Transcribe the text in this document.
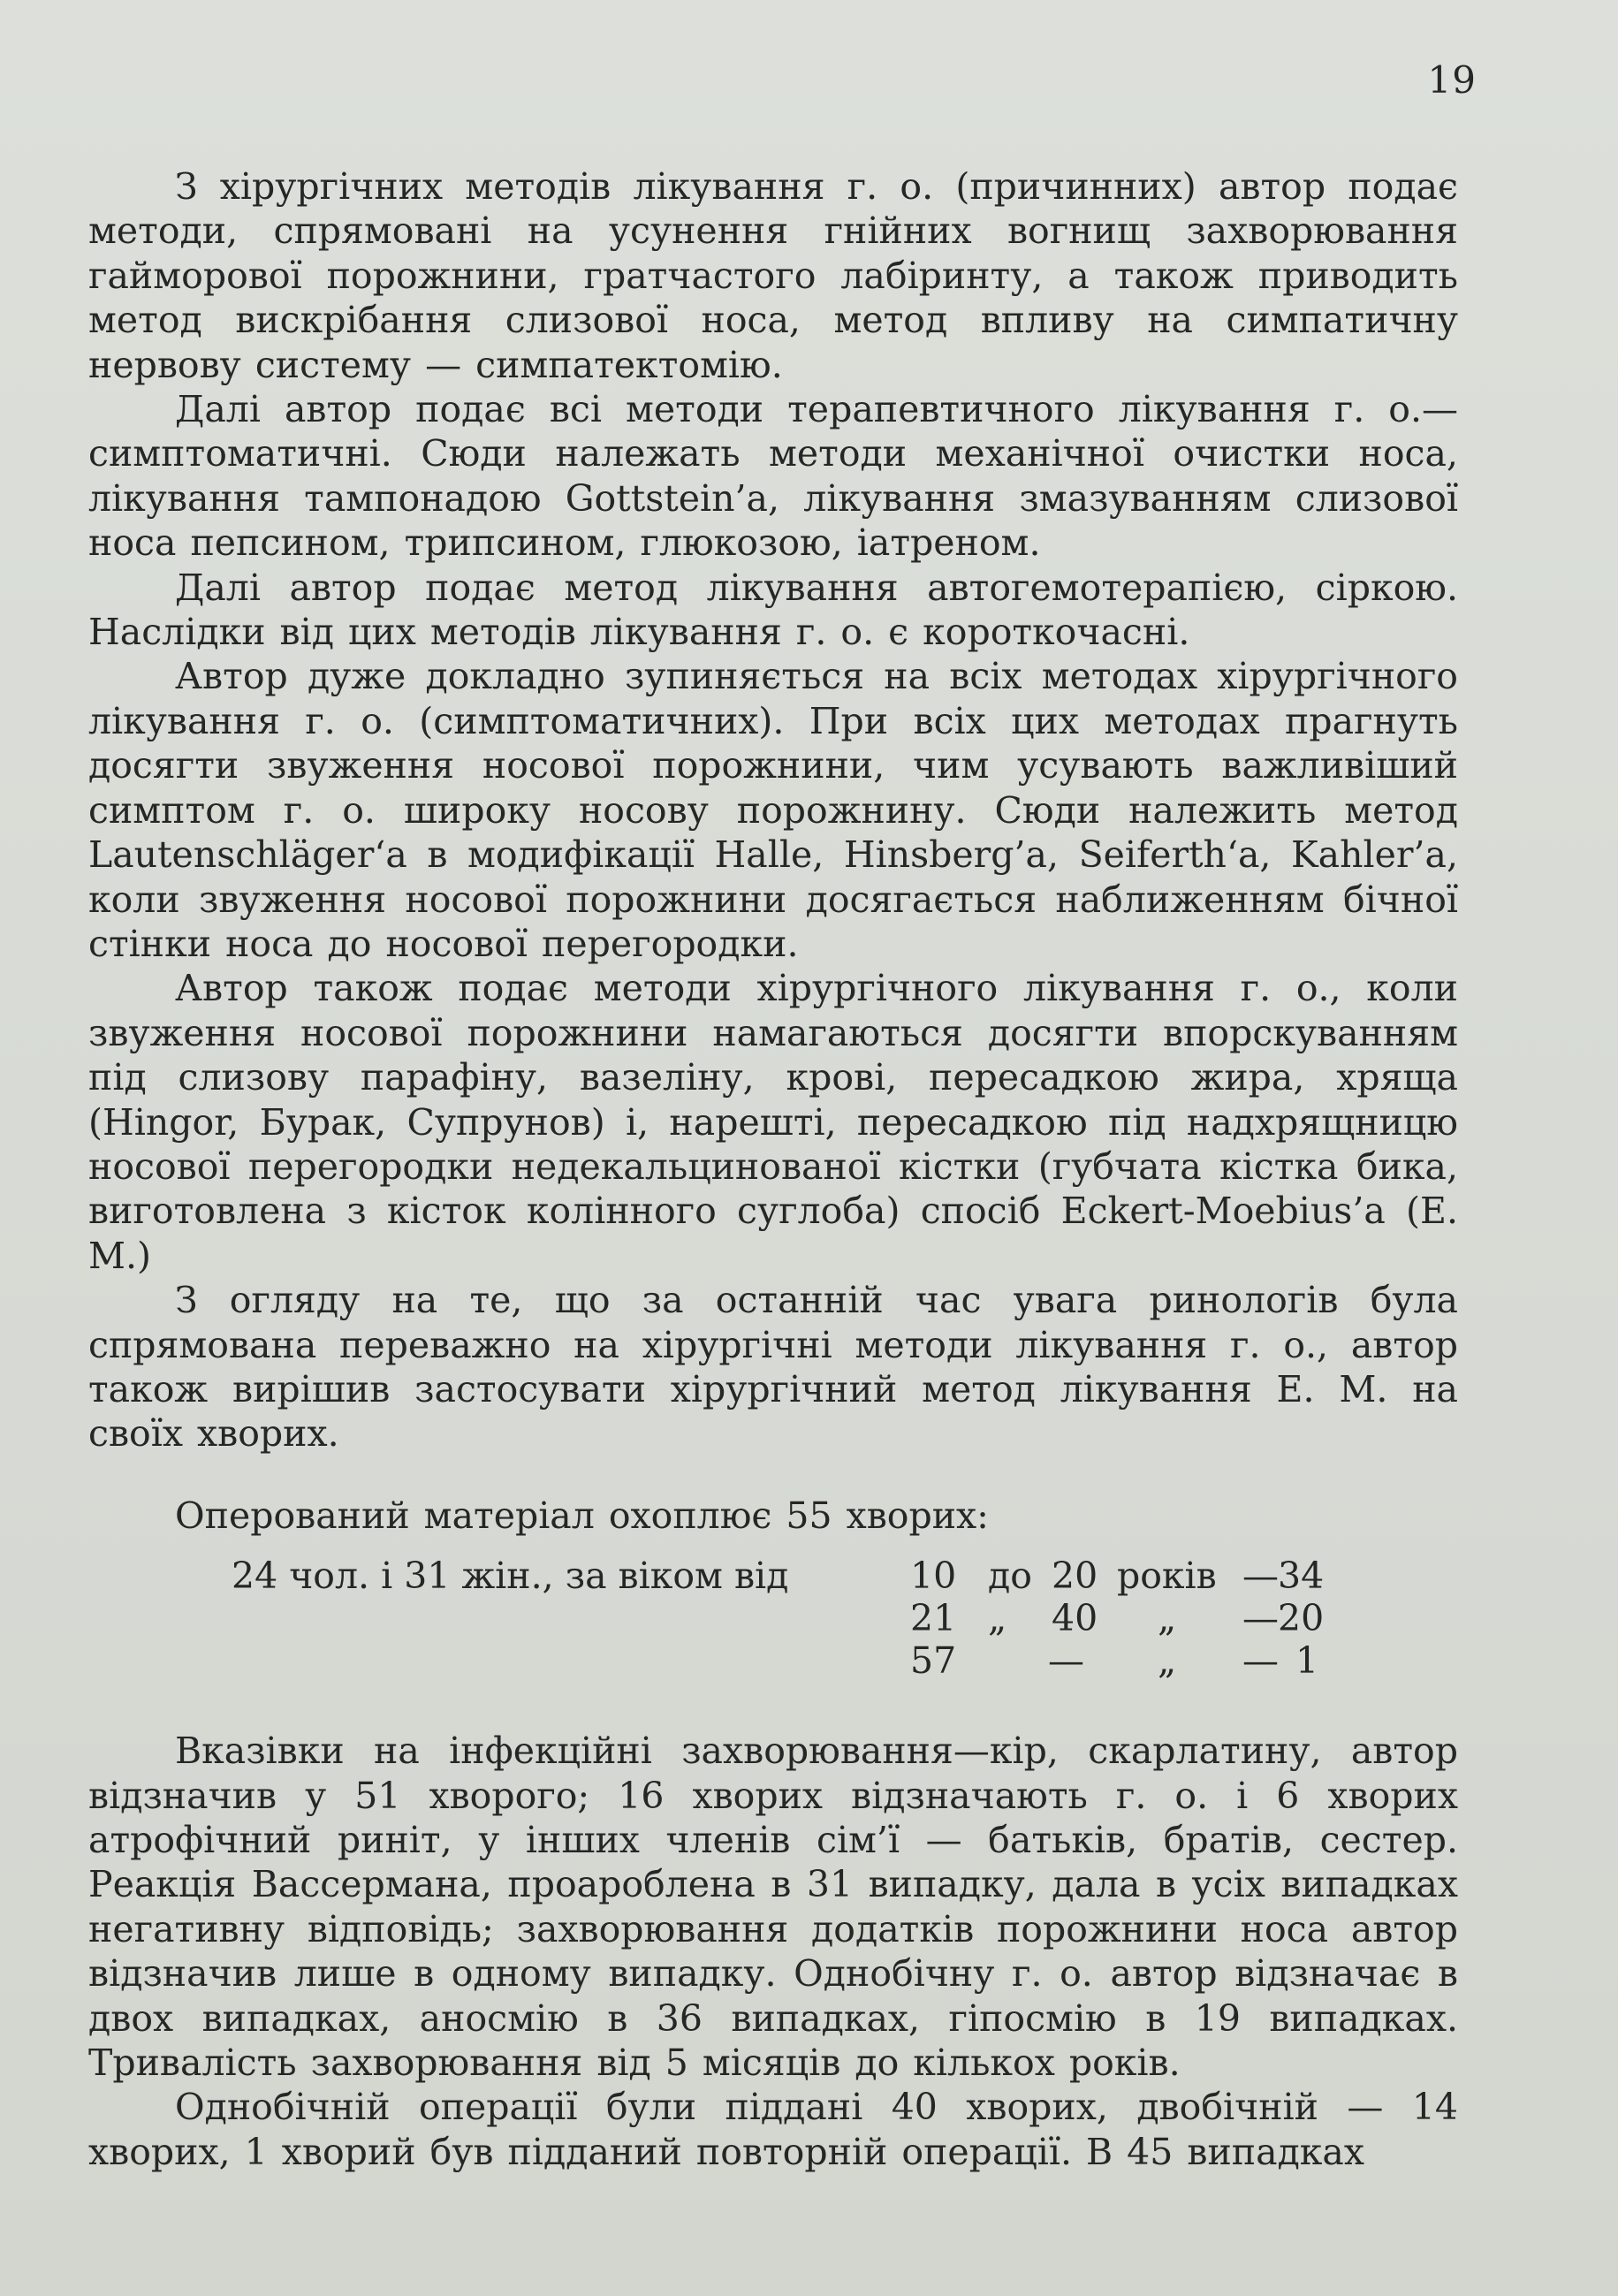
19

З хірургічних методів лікування г. о. (причинних) автор подає методи, спрямовані на усунення гнійних вогнищ захворювання гайморової порожнини, гратчастого лабіринту, а також приводить метод вискрібання слизової носа, метод впливу на симпатичну нервову систему — симпатектомію.

Далі автор подає всі методи терапевтичного лікування г. о.— симптоматичні. Сюди належать методи механічної очистки носа, лікування тампонадою Gottstein’a, лікування змазуванням слизової носа пепсином, трипсином, глюкозою, іатреном.

Далі автор подає метод лікування автогемотерапією, сіркою. Наслідки від цих методів лікування г. о. є короткочасні.

Автор дуже докладно зупиняється на всіх методах хірургічного лікування г. о. (симптоматичних). При всіх цих методах прагнуть досягти звуження носової порожнини, чим усувають важливіший симптом г. о. широку носову порожнину. Сюди належить метод Lautenschläger‘a в модифікації Halle, Hinsberg’a, Seiferth‘a, Kahler’a, коли звуження носової порожнини досягається наближенням бічної стінки носа до носової перегородки.

Автор також подає методи хірургічного лікування г. о., коли звуження носової порожнини намагаються досягти впорскуванням під слизову парафіну, вазеліну, крові, пересадкою жира, хряща (Hingor, Бурак, Супрунов) і, нарешті, пересадкою під надхрящницю носової перегородки недекальцинованої кістки (губчата кістка бика, виготовлена з кісток колінного суглоба) спосіб Eckert-Moebius’a (Е. М.)

З огляду на те, що за останній час увага ринологів була спрямована переважно на хірургічні методи лікування г. о., автор також вирішив застосувати хірургічний метод лікування Е. М. на своїх хворих.

Оперований матеріал охоплює 55 хворих:

24 чол. і 31 жін., за віком від	10 до 20 років — 34
21 „ 40 „ — 20
57	— „ — 1

Вказівки на інфекційні захворювання—кір, скарлатину, автор відзначив у 51 хворого; 16 хворих відзначають г. о. і 6 хворих атрофічний риніт, у інших членів сім’ї — батьків, братів, сестер. Реакція Вассермана, проароблена в 31 випадку, дала в усіх випадках негативну відповідь; захворювання додатків порожнини носа автор відзначив лише в одному випадку. Однобічну г. о. автор відзначає в двох випадках, аносмію в 36 випадках, гіпосмію в 19 випадках. Тривалість захворювання від 5 місяців до кількох років.

Однобічній операції були піддані 40 хворих, двобічній — 14 хворих, 1 хворий був підданий повторній операції. В 45 випадках
